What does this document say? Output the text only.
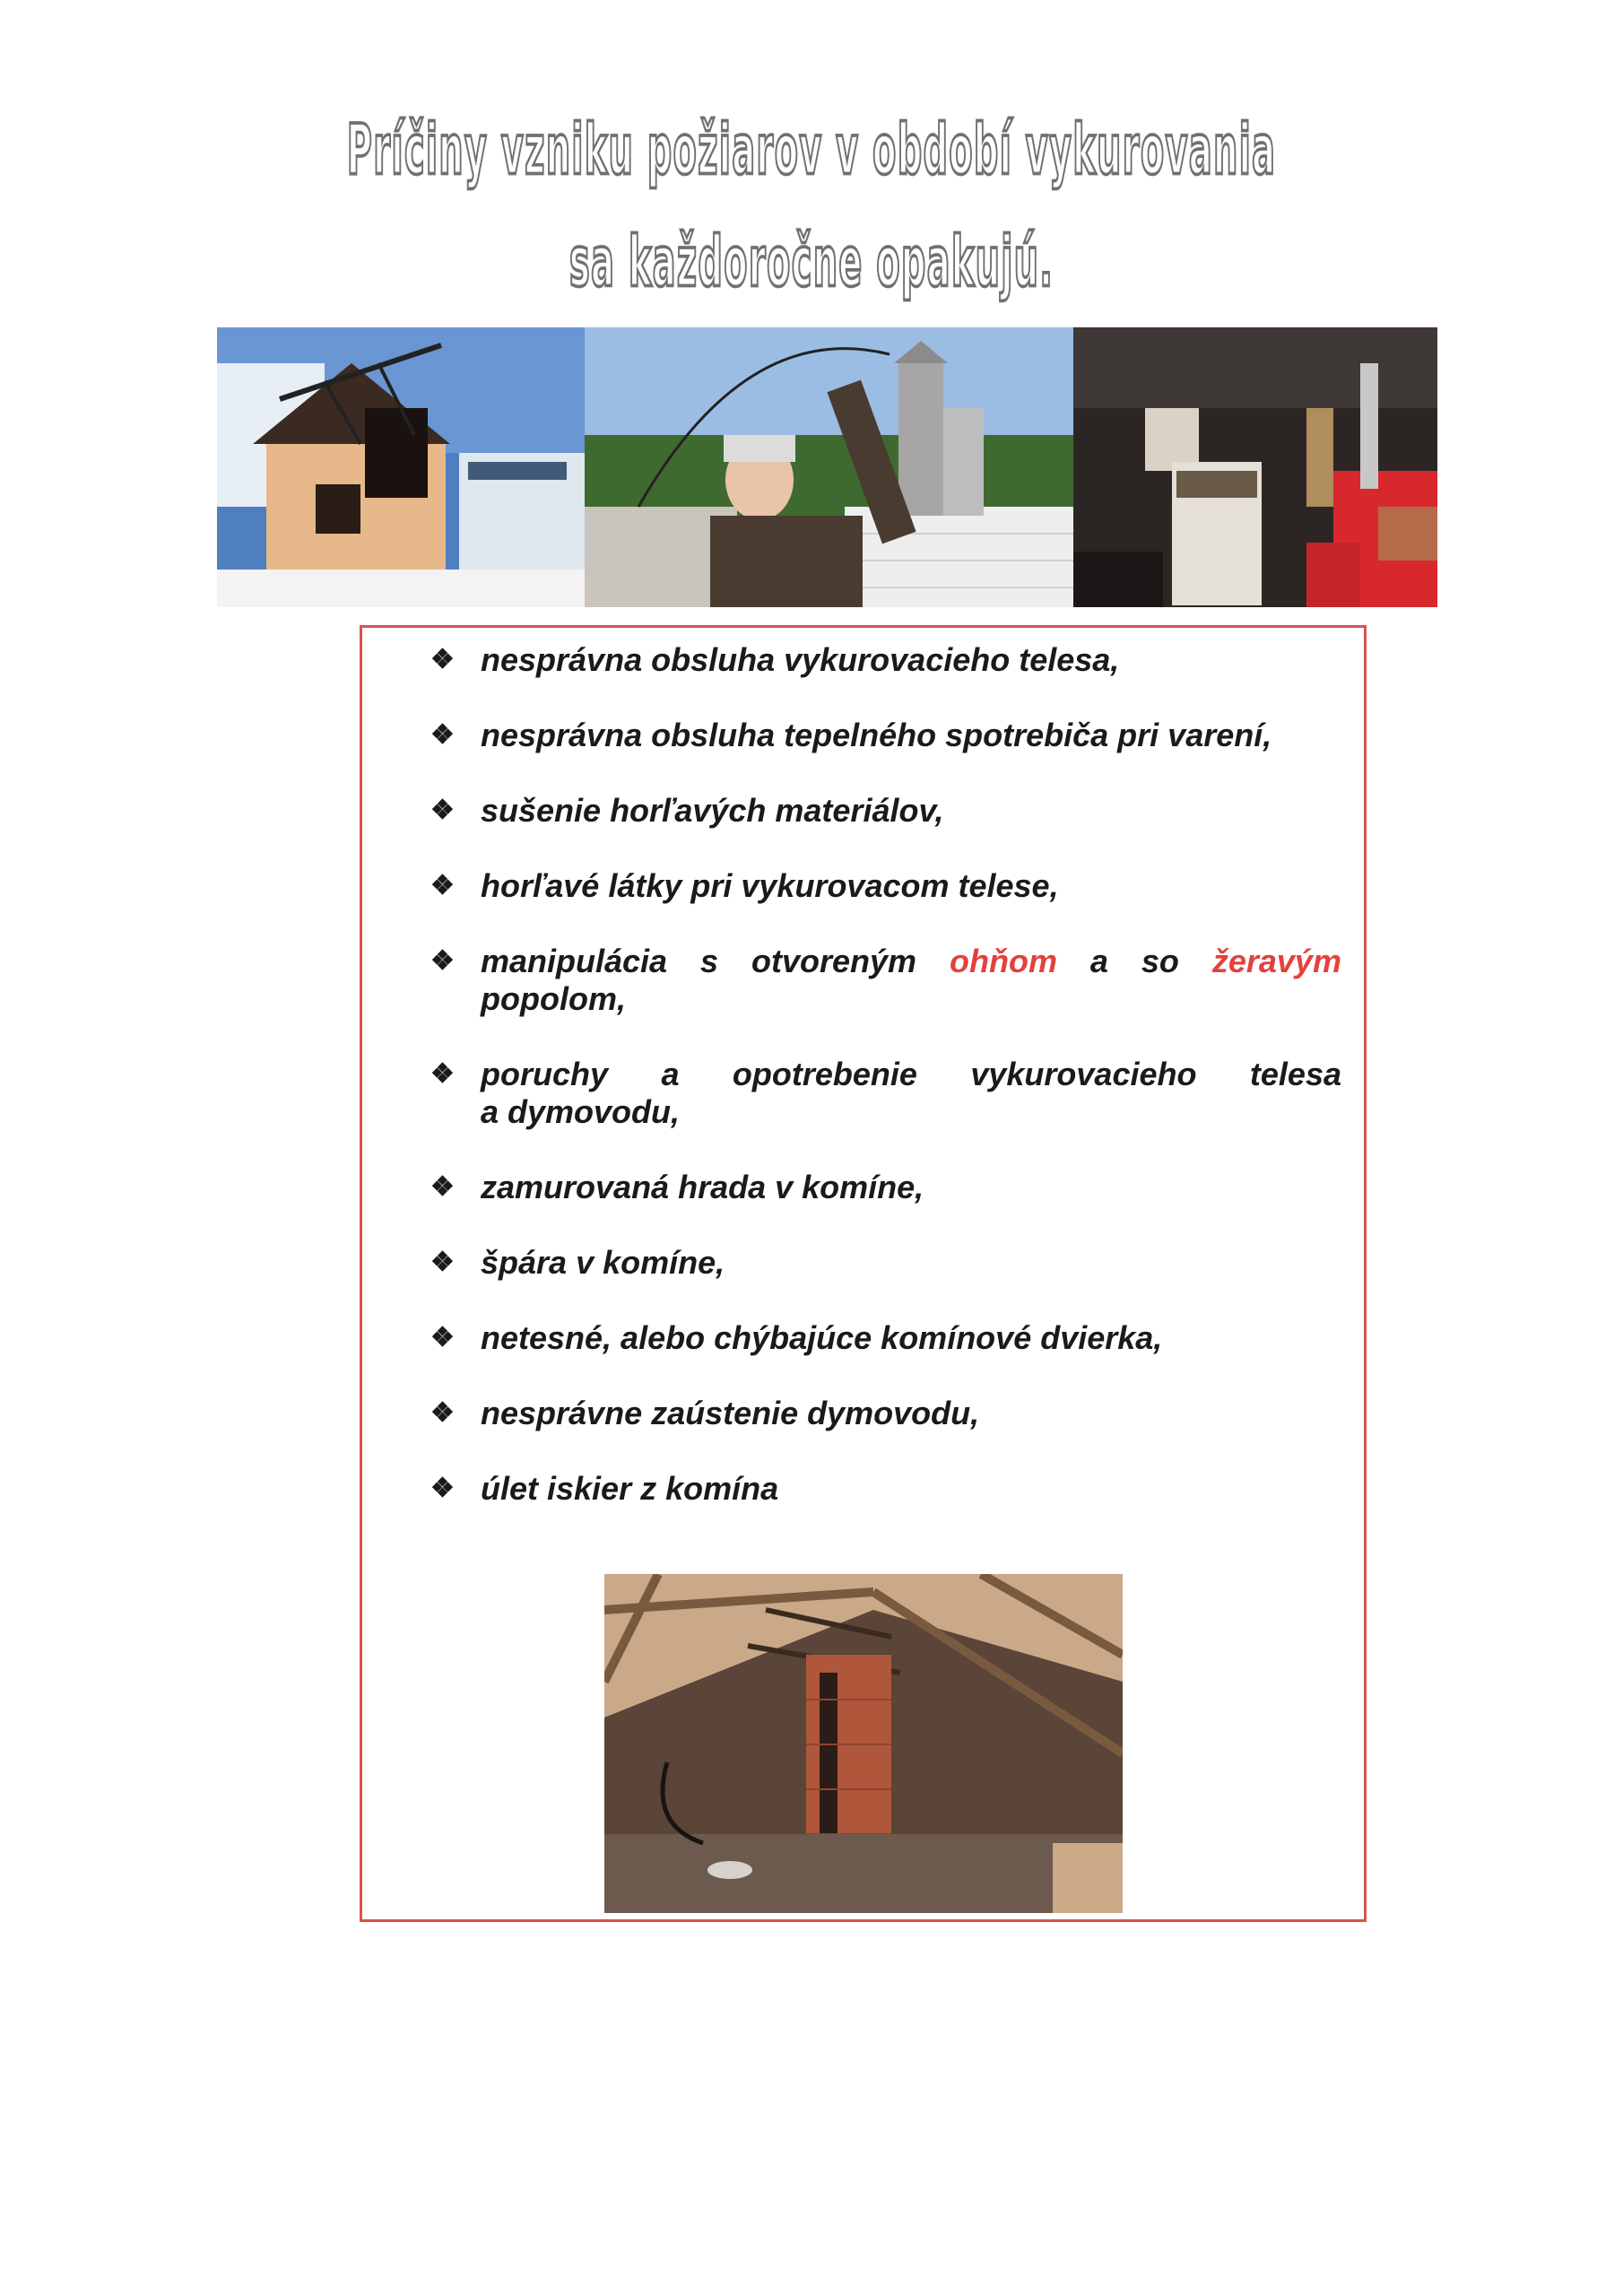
Príčiny vzniku požiarov v období vykurovania
sa každoročne opakujú.
❖ nesprávna obsluha vykurovacieho telesa,
❖ nesprávna obsluha tepelného spotrebiča pri varení,
❖ sušenie horľavých materiálov,
❖ horľavé látky pri vykurovacom telese,
❖ manipulácia s otvoreným ohňom a so žeravým
popolom,
❖ poruchy a opotrebenie vykurovacieho telesa
a dymovodu,
❖ zamurovaná hrada v komíne,
❖ špára v komíne,
❖ netesné, alebo chýbajúce komínové dvierka,
❖ nesprávne zaústenie dymovodu,
❖ úlet iskier z komína
